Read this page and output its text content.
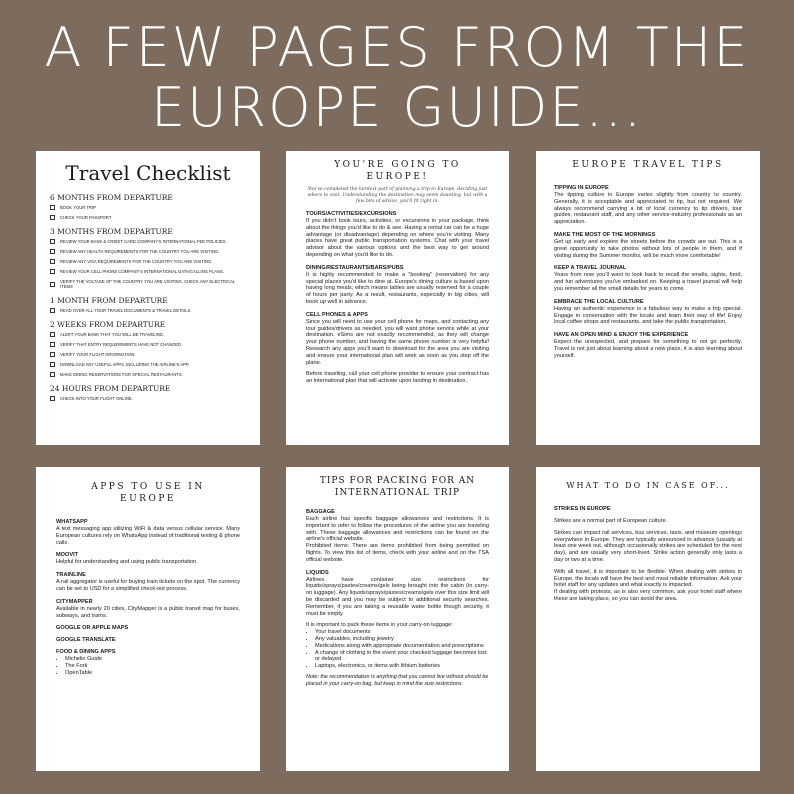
A FEW PAGES FROM THE
EUROPE GUIDE...
Travel Checklist
6 MONTHS FROM DEPARTURE
BOOK YOUR TRIP
CHECK YOUR PASSPORT
3 MONTHS FROM DEPARTURE
REVIEW YOUR BANK & CREDIT CARD COMPANY'S INTERNATIONAL FEE POLICIES.
REVIEW ANY HEALTH REQUIREMENTS FOR THE COUNTRY YOU ARE VISITING.
REVIEW ANY VISA REQUIREMENTS FOR THE COUNTRY YOU ARE VISITING.
REVIEW YOUR CELL PHONE COMPANY'S INTERNATIONAL DATA/CALLING PLANS.
VERIFY THE VOLTAGE OF THE COUNTRY YOU ARE VISITING. CHECK ANY ELECTRICAL ITEMS
1 MONTH FROM DEPARTURE
READ OVER ALL YOUR TRAVEL DOCUMENTS & TRAVEL DETAILS.
2 WEEKS FROM DEPARTURE
ALERT YOUR BANK THAT YOU WILL BE TRAVELING.
VERIFY THAT ENTRY REQUIREMENTS HAVE NOT CHANGED.
VERIFY YOUR FLIGHT INFORMATION.
DOWNLOAD ANY USEFUL APPS, INCLUDING THE AIRLINE'S APP.
MAKE DINING RESERVATIONS FOR SPECIAL RESTAURANTS.
24 HOURS FROM DEPARTURE
CHECK INTO YOUR FLIGHT ONLINE.
YOU'RE GOING TO EUROPE!

You've completed the hardest part of planning a trip to Europe, deciding just where to visit. Understanding the destination may seem daunting, but with a few bits of advice, you'll fit right in.

TOURS/ACTIVITIES/EXCURSIONS

If you didn't book tours, activities, or excursions in your package, think about the things you'd like to do & see. Having a rental car can be a huge advantage (or disadvantage) depending on where you're visiting. Many places have great public transportation systems. Chat with your travel advisor about the various options and the best way to get around depending on what you'd like to do.

DINING/RESTAURANTS/BARS/PUBS

It is highly recommended to make a "booking" (reservation) for any special places you'd like to dine at. Europe's dining culture is based upon having long meals, which means tables are usually reserved for a couple of hours per party. As a result, restaurants, especially in big cities, will book up well in advance.

CELL PHONES & APPS

Since you will need to use your cell phone for maps, and contacting any tour guides/drivers as needed, you will want phone service while at your destination. eSims are not exactly recommended, as they will change your phone number, and having the same phone number is very helpful! Research any apps you'll want to download for the area you are visiting and ensure your international plan will work as soon as you step off the plane.

Before traveling, call your cell phone provider to ensure your contract has an international plan that will activate upon landing in destination.

EUROPE TRAVEL TIPS
TIPPING IN EUROPE

The tipping culture in Europe varies slightly from country to country. Generally, it is acceptable and appreciated to tip, but not required. We always recommend carrying a bit of local currency to tip drivers, tour guides, restaurant staff, and any other service-industry professionals as an appreciation.

MAKE THE MOST OF THE MORNINGS

Get up early and explore the streets before the crowds are out. This is a great opportunity to take photos without lots of people in them, and if visiting during the Summer months, will be much more comfortable!

KEEP A TRAVEL JOURNAL

Years from now you'll want to look back to recall the smells, sights, food, and fun adventures you've embarked on. Keeping a travel journal will help you remember all the small details for years to come.

EMBRACE THE LOCAL CULTURE

Having an authentic experience is a fabulous way to make a trip special. Engage in conversation with the locals and learn their way of life! Enjoy local coffee shops and restaurants, and take the public transportation.

HAVE AN OPEN MIND & ENJOY THE EXPERIENCE

Expect the unexpected, and prepare for something to not go perfectly. Travel is not just about learning about a new place, it is also learning about yourself.

APPS TO USE IN EUROPE
WHATSAPP

A text messaging app utilizing WiFi & data versus cellular service. Many European cultures rely on WhatsApp instead of traditional texting & phone calls.

MOOVIT

Helpful for understanding and using public transportation.

TRAINLINE

A rail aggregator is useful for buying train tickets on the spot. The currency can be set to USD for a simplified check-out process.

CITYMAPPER

Available in nearly 20 cities, CityMapper is a public transit map for buses, subways, and trams.

GOOGLE OR APPLE MAPS
GOOGLE TRANSLATE
FOOD & DINING APPS
• Michelin Guide
• The Fork
• OpenTable
TIPS FOR PACKING FOR AN INTERNATIONAL TRIP
BAGGAGE

Each airline has specific baggage allowances and restrictions. It is important to refer to follow the procedures of the airline you are traveling with. These baggage allowances and restrictions can be found on the airline's official website.

Prohibited items: There are items prohibited from being permitted on flights. To view this list of items, check with your airline and on the TSA official website.

LIQUIDS

Airlines have container size restrictions for liquids/sprays/pastes/creams/gels being brought into the cabin (in carry-on luggage). Any liquids/sprays/pastes/creams/gels over this size limit will be discarded and you may be subject to additional security searches. Remember, if you are taking a reusable water bottle though security, it must be empty.

It is important to pack these items in your carry-on luggage:

• Your travel documents
• Any valuables, including jewelry
• Medications along with appropriate documentation and prescriptions
• A change of clothing in the event your checked luggage becomes lost or delayed
• Laptops, electronics, or items with lithium batteries

Note: the recommendation is anything that you cannot live without should be placed in your carry-on bag, but keep in mind the size restrictions.

WHAT TO DO IN CASE OF...
STRIKES IN EUROPE

Strikes are a normal part of European culture.

Strikes can impact rail services, bus services, taxis, and museum openings everywhere in Europe. They are typically announced in advance (usually at least one week out, although occasionally strikes are scheduled for the next day), and are usually very short-lived. Strike action generally only lasts a day or two at a time.

With all travel, it is important to be flexible. When dealing with strikes in Europe, the locals will have the best and most reliable information. Ask your hotel staff for any updates and what exactly is impacted.

If dealing with protests, as is also very common, ask your hotel staff where these are taking place, so you can avoid the area.
